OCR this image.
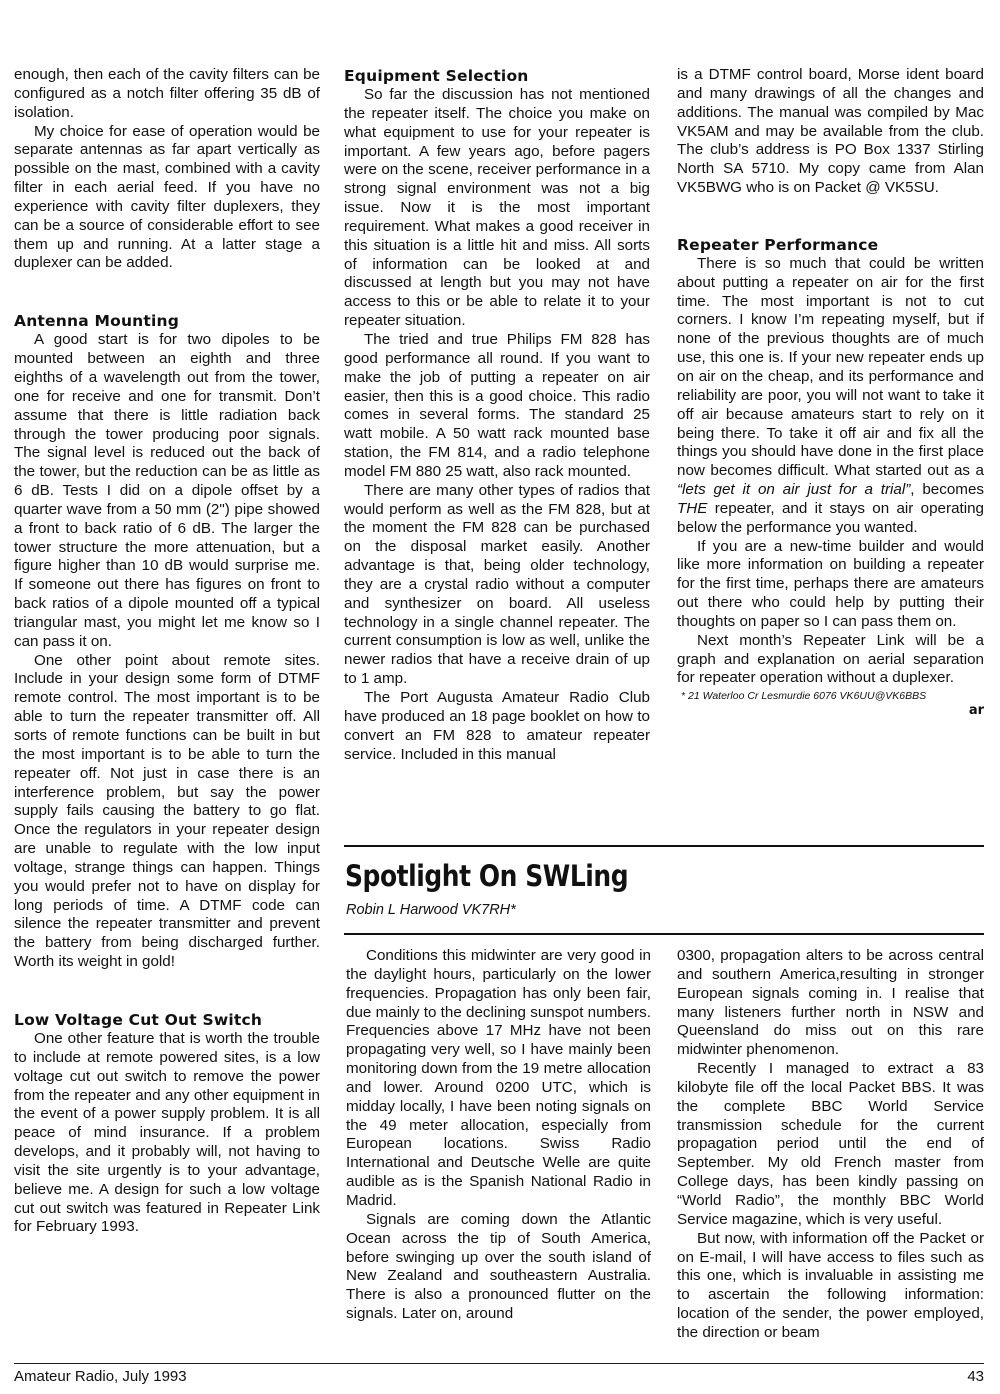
enough, then each of the cavity filters can be configured as a notch filter offering 35 dB of isolation.

My choice for ease of operation would be separate antennas as far apart vertically as possible on the mast, combined with a cavity filter in each aerial feed. If you have no experience with cavity filter duplexers, they can be a source of considerable effort to see them up and running. At a latter stage a duplexer can be added.

Antenna Mounting

A good start is for two dipoles to be mounted between an eighth and three eighths of a wavelength out from the tower, one for receive and one for transmit. Don’t assume that there is little radiation back through the tower producing poor signals. The signal level is reduced out the back of the tower, but the reduction can be as little as 6 dB. Tests I did on a dipole offset by a quarter wave from a 50 mm (2") pipe showed a front to back ratio of 6 dB. The larger the tower structure the more attenuation, but a figure higher than 10 dB would surprise me. If someone out there has figures on front to back ratios of a dipole mounted off a typical triangular mast, you might let me know so I can pass it on.

One other point about remote sites. Include in your design some form of DTMF remote control. The most important is to be able to turn the repeater transmitter off. All sorts of remote functions can be built in but the most important is to be able to turn the repeater off. Not just in case there is an interference problem, but say the power supply fails causing the battery to go flat. Once the regulators in your repeater design are unable to regulate with the low input voltage, strange things can happen. Things you would prefer not to have on display for long periods of time. A DTMF code can silence the repeater transmitter and prevent the battery from being discharged further. Worth its weight in gold!

Low Voltage Cut Out Switch

One other feature that is worth the trouble to include at remote powered sites, is a low voltage cut out switch to remove the power from the repeater and any other equipment in the event of a power supply problem. It is all peace of mind insurance. If a problem develops, and it probably will, not having to visit the site urgently is to your advantage, believe me. A design for such a low voltage cut out switch was featured in Repeater Link for February 1993.

Equipment Selection

So far the discussion has not mentioned the repeater itself. The choice you make on what equipment to use for your repeater is important. A few years ago, before pagers were on the scene, receiver performance in a strong signal environment was not a big issue. Now it is the most important requirement. What makes a good receiver in this situation is a little hit and miss. All sorts of information can be looked at and discussed at length but you may not have access to this or be able to relate it to your repeater situation.

The tried and true Philips FM 828 has good performance all round. If you want to make the job of putting a repeater on air easier, then this is a good choice. This radio comes in several forms. The standard 25 watt mobile. A 50 watt rack mounted base station, the FM 814, and a radio telephone model FM 880 25 watt, also rack mounted.

There are many other types of radios that would perform as well as the FM 828, but at the moment the FM 828 can be purchased on the disposal market easily. Another advantage is that, being older technology, they are a crystal radio without a computer and synthesizer on board. All useless technology in a single channel repeater. The current consumption is low as well, unlike the newer radios that have a receive drain of up to 1 amp.

The Port Augusta Amateur Radio Club have produced an 18 page booklet on how to convert an FM 828 to amateur repeater service. Included in this manual

is a DTMF control board, Morse ident board and many drawings of all the changes and additions. The manual was compiled by Mac VK5AM and may be available from the club. The club’s address is PO Box 1337 Stirling North SA 5710. My copy came from Alan VK5BWG who is on Packet @ VK5SU.

Repeater Performance

There is so much that could be written about putting a repeater on air for the first time. The most important is not to cut corners. I know I’m repeating myself, but if none of the previous thoughts are of much use, this one is. If your new repeater ends up on air on the cheap, and its performance and reliability are poor, you will not want to take it off air because amateurs start to rely on it being there. To take it off air and fix all the things you should have done in the first place now becomes difficult. What started out as a “lets get it on air just for a trial”, becomes THE repeater, and it stays on air operating below the performance you wanted.

If you are a new-time builder and would like more information on building a repeater for the first time, perhaps there are amateurs out there who could help by putting their thoughts on paper so I can pass them on.

Next month’s Repeater Link will be a graph and explanation on aerial separation for repeater operation without a duplexer.

* 21 Waterloo Cr Lesmurdie 6076 VK6UU@VK6BBS
ar
Spotlight On SWLing
Robin L Harwood VK7RH*

Conditions this midwinter are very good in the daylight hours, particularly on the lower frequencies. Propagation has only been fair, due mainly to the declining sunspot numbers. Frequencies above 17 MHz have not been propagating very well, so I have mainly been monitoring down from the 19 metre allocation and lower. Around 0200 UTC, which is midday locally, I have been noting signals on the 49 meter allocation, especially from European locations. Swiss Radio International and Deutsche Welle are quite audible as is the Spanish National Radio in Madrid.

Signals are coming down the Atlantic Ocean across the tip of South America, before swinging up over the south island of New Zealand and southeastern Australia. There is also a pronounced flutter on the signals. Later on, around

0300, propagation alters to be across central and southern America,resulting in stronger European signals coming in. I realise that many listeners further north in NSW and Queensland do miss out on this rare midwinter phenomenon.

Recently I managed to extract a 83 kilobyte file off the local Packet BBS. It was the complete BBC World Service transmission schedule for the current propagation period until the end of September. My old French master from College days, has been kindly passing on “World Radio”, the monthly BBC World Service magazine, which is very useful.

But now, with information off the Packet or on E-mail, I will have access to files such as this one, which is invaluable in assisting me to ascertain the following information: location of the sender, the power employed, the direction or beam

Amateur Radio, July 1993	43
